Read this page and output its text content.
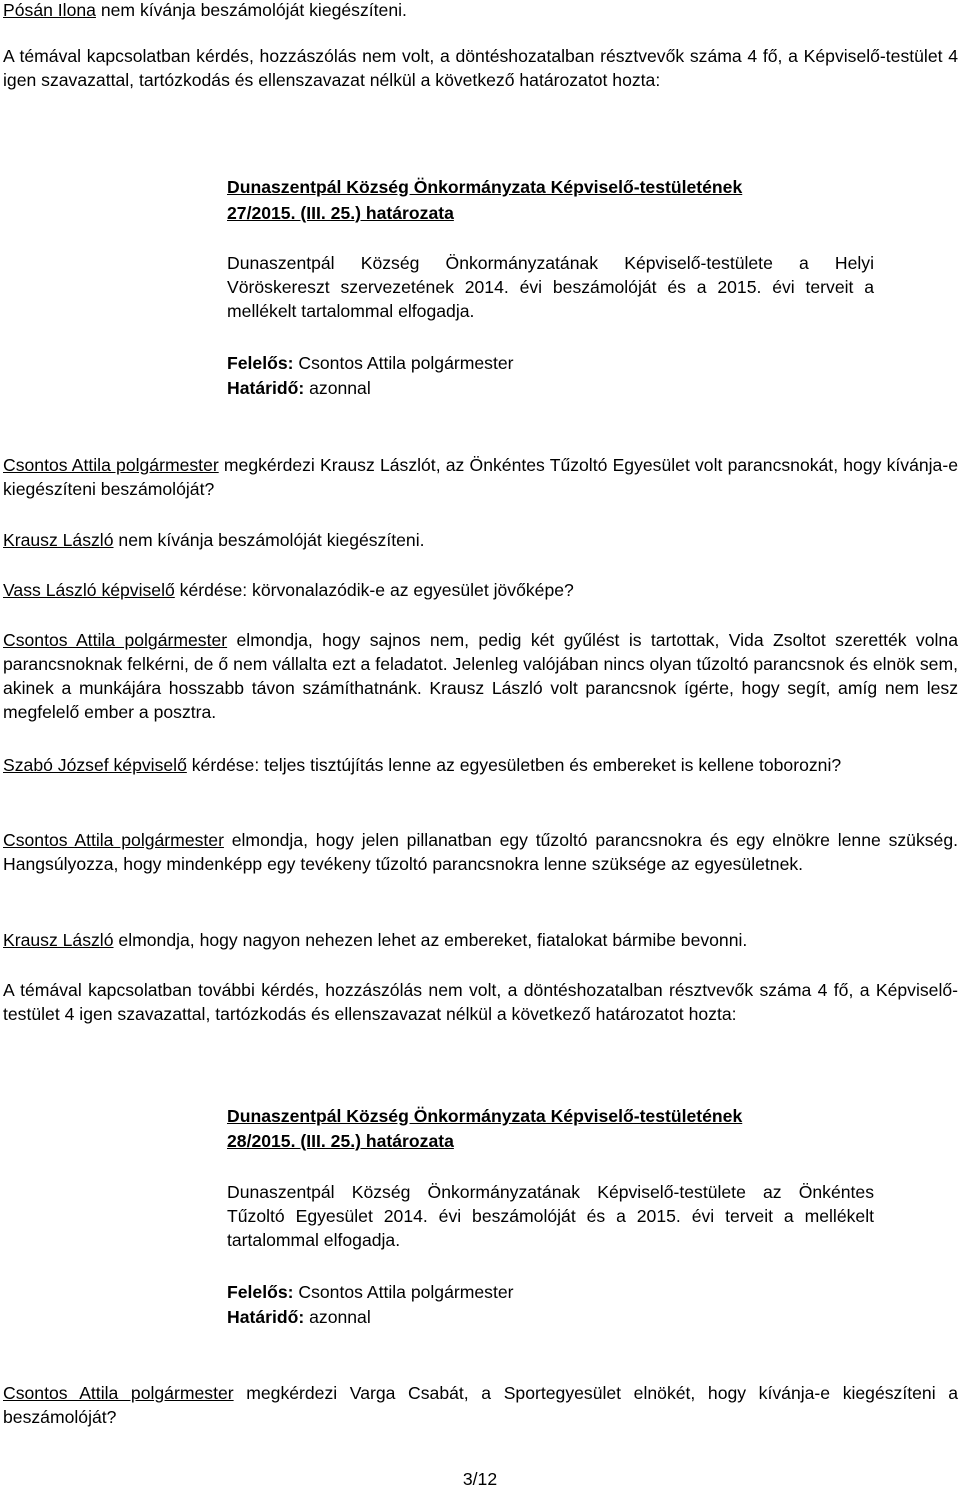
Pósán Ilona nem kívánja beszámolóját kiegészíteni.

A témával kapcsolatban kérdés, hozzászólás nem volt, a döntéshozatalban résztvevők száma 4 fő, a Képviselő-testület 4 igen szavazattal, tartózkodás és ellenszavazat nélkül a következő határozatot hozta:

Dunaszentpál Község Önkormányzata Képviselő-testületének

27/2015. (III. 25.) határozata

Dunaszentpál Község Önkormányzatának Képviselő-testülete a Helyi Vöröskereszt szervezetének 2014. évi beszámolóját és a 2015. évi terveit a mellékelt tartalommal elfogadja.

Felelős: Csontos Attila polgármester

Határidő: azonnal

Csontos Attila polgármester megkérdezi Krausz Lászlót, az Önkéntes Tűzoltó Egyesület volt parancsnokát, hogy kívánja-e kiegészíteni beszámolóját?

Krausz László nem kívánja beszámolóját kiegészíteni.

Vass László képviselő kérdése: körvonalazódik-e az egyesület jövőképe?

Csontos Attila polgármester elmondja, hogy sajnos nem, pedig két gyűlést is tartottak, Vida Zsoltot szerették volna parancsnoknak felkérni, de ő nem vállalta ezt a feladatot. Jelenleg valójában nincs olyan tűzoltó parancsnok és elnök sem, akinek a munkájára hosszabb távon számíthatnánk. Krausz László volt parancsnok ígérte, hogy segít, amíg nem lesz megfelelő ember a posztra.

Szabó József képviselő kérdése: teljes tisztújítás lenne az egyesületben és embereket is kellene toborozni?

Csontos Attila polgármester elmondja, hogy jelen pillanatban egy tűzoltó parancsnokra és egy elnökre lenne szükség. Hangsúlyozza, hogy mindenképp egy tevékeny tűzoltó parancsnokra lenne szüksége az egyesületnek.

Krausz László elmondja, hogy nagyon nehezen lehet az embereket, fiatalokat bármibe bevonni.

A témával kapcsolatban további kérdés, hozzászólás nem volt, a döntéshozatalban résztvevők száma 4 fő, a Képviselő-testület 4 igen szavazattal, tartózkodás és ellenszavazat nélkül a következő határozatot hozta:

Dunaszentpál Község Önkormányzata Képviselő-testületének

28/2015. (III. 25.) határozata

Dunaszentpál Község Önkormányzatának Képviselő-testülete az Önkéntes Tűzoltó Egyesület 2014. évi beszámolóját és a 2015. évi terveit a mellékelt tartalommal elfogadja.

Felelős: Csontos Attila polgármester

Határidő: azonnal

Csontos Attila polgármester megkérdezi Varga Csabát, a Sportegyesület elnökét, hogy kívánja-e kiegészíteni a beszámolóját?

3/12
